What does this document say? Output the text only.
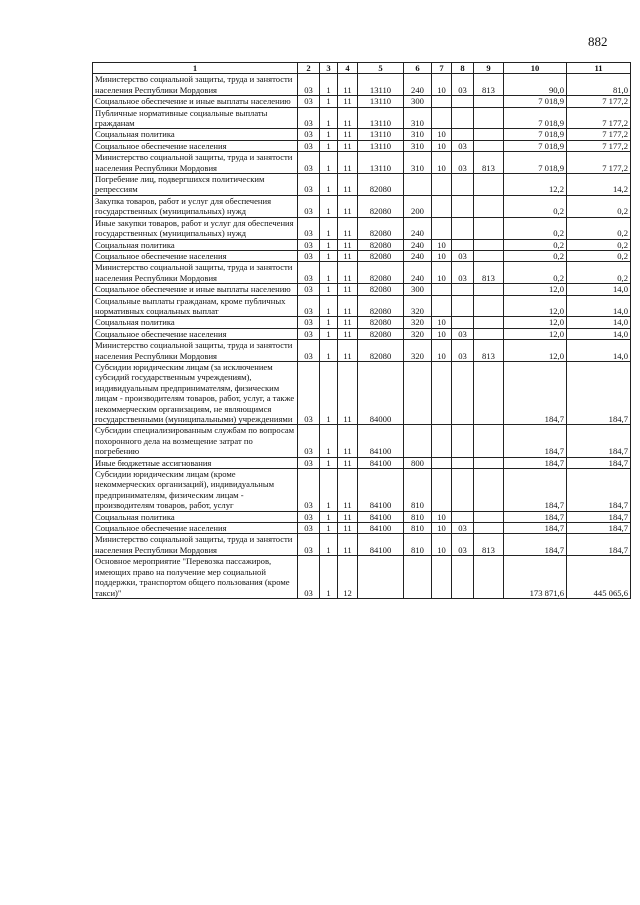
882
1	2	3	4	5	6	7	8	9	10	11
Министерство социальной защиты, труда и занятости населения Республики Мордовия	03	1	11	13110	240	10	03	813	90,0	81,0
Социальное обеспечение и иные выплаты населению	03	1	11	13110	300				7 018,9	7 177,2
Публичные нормативные социальные выплаты гражданам	03	1	11	13110	310				7 018,9	7 177,2
Социальная политика	03	1	11	13110	310	10			7 018,9	7 177,2
Социальное обеспечение населения	03	1	11	13110	310	10	03		7 018,9	7 177,2
Министерство социальной защиты, труда и занятости населения Республики Мордовия	03	1	11	13110	310	10	03	813	7 018,9	7 177,2
Погребение лиц, подвергшихся политическим репрессиям	03	1	11	82080					12,2	14,2
Закупка товаров, работ и услуг для обеспечения государственных (муниципальных) нужд	03	1	11	82080	200				0,2	0,2
Иные закупки товаров, работ и услуг для обеспечения государственных (муниципальных) нужд	03	1	11	82080	240				0,2	0,2
Социальная политика	03	1	11	82080	240	10			0,2	0,2
Социальное обеспечение населения	03	1	11	82080	240	10	03		0,2	0,2
Министерство социальной защиты, труда и занятости населения Республики Мордовия	03	1	11	82080	240	10	03	813	0,2	0,2
Социальное обеспечение и иные выплаты населению	03	1	11	82080	300				12,0	14,0
Социальные выплаты гражданам, кроме публичных нормативных социальных выплат	03	1	11	82080	320				12,0	14,0
Социальная политика	03	1	11	82080	320	10			12,0	14,0
Социальное обеспечение населения	03	1	11	82080	320	10	03		12,0	14,0
Министерство социальной защиты, труда и занятости населения Республики Мордовия	03	1	11	82080	320	10	03	813	12,0	14,0
Субсидии юридическим лицам (за исключением субсидий государственным учреждениям), индивидуальным предпринимателям, физическим лицам - производителям товаров, работ, услуг, а также некоммерческим организациям, не являющимся государственными (муниципальными) учреждениями	03	1	11	84000					184,7	184,7
Субсидии специализированным службам по вопросам похоронного дела на возмещение затрат по погребению	03	1	11	84100					184,7	184,7
Иные бюджетные ассигнования	03	1	11	84100	800				184,7	184,7
Субсидии юридическим лицам (кроме некоммерческих организаций), индивидуальным предпринимателям, физическим лицам - производителям товаров, работ, услуг	03	1	11	84100	810				184,7	184,7
Социальная политика	03	1	11	84100	810	10			184,7	184,7
Социальное обеспечение населения	03	1	11	84100	810	10	03		184,7	184,7
Министерство социальной защиты, труда и занятости населения Республики Мордовия	03	1	11	84100	810	10	03	813	184,7	184,7
Основное мероприятие "Перевозка пассажиров, имеющих право на получение мер социальной поддержки, транспортом общего пользования (кроме такси)"	03	1	12						173 871,6	445 065,6
